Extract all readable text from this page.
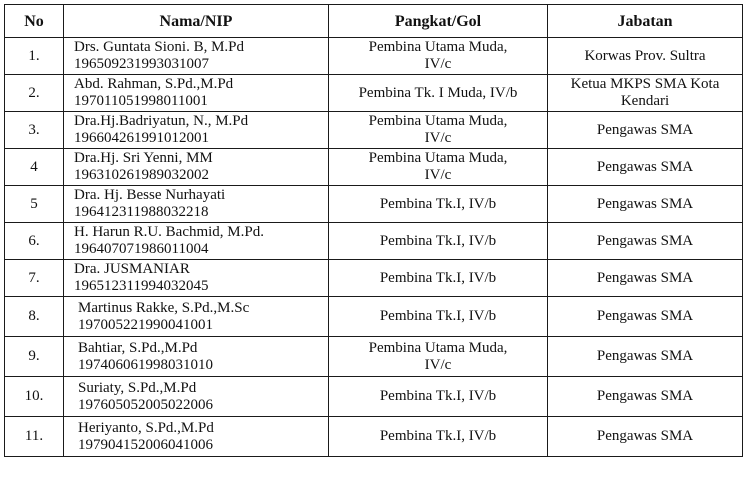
No	Nama/NIP	Pangkat/Gol	Jabatan
1.	Drs. Guntata Sioni. B, M.Pd
196509231993031007	Pembina Utama Muda,
IV/c	Korwas Prov. Sultra

2.	Abd. Rahman, S.Pd.,M.Pd
197011051998011001	Pembina Tk. I Muda, IV/b	Ketua MKPS SMA Kota
Kendari

3.	Dra.Hj.Badriyatun, N., M.Pd
196604261991012001	Pembina Utama Muda,
IV/c	Pengawas SMA

4	Dra.Hj. Sri Yenni, MM
196310261989032002	Pembina Utama Muda,
IV/c	Pengawas SMA

5	Dra. Hj. Besse Nurhayati
196412311988032218	Pembina Tk.I, IV/b	Pengawas SMA

6.	H. Harun R.U. Bachmid, M.Pd.
196407071986011004	Pembina Tk.I, IV/b	Pengawas SMA

7.	Dra. JUSMANIAR
196512311994032045	Pembina Tk.I, IV/b	Pengawas SMA

8.	Martinus Rakke, S.Pd.,M.Sc
197005221990041001	Pembina Tk.I, IV/b	Pengawas SMA

9.	Bahtiar, S.Pd.,M.Pd
197406061998031010	Pembina Utama Muda,
IV/c	Pengawas SMA

10.	Suriaty, S.Pd.,M.Pd
197605052005022006	Pembina Tk.I, IV/b	Pengawas SMA

11.	Heriyanto, S.Pd.,M.Pd
197904152006041006	Pembina Tk.I, IV/b	Pengawas SMA
